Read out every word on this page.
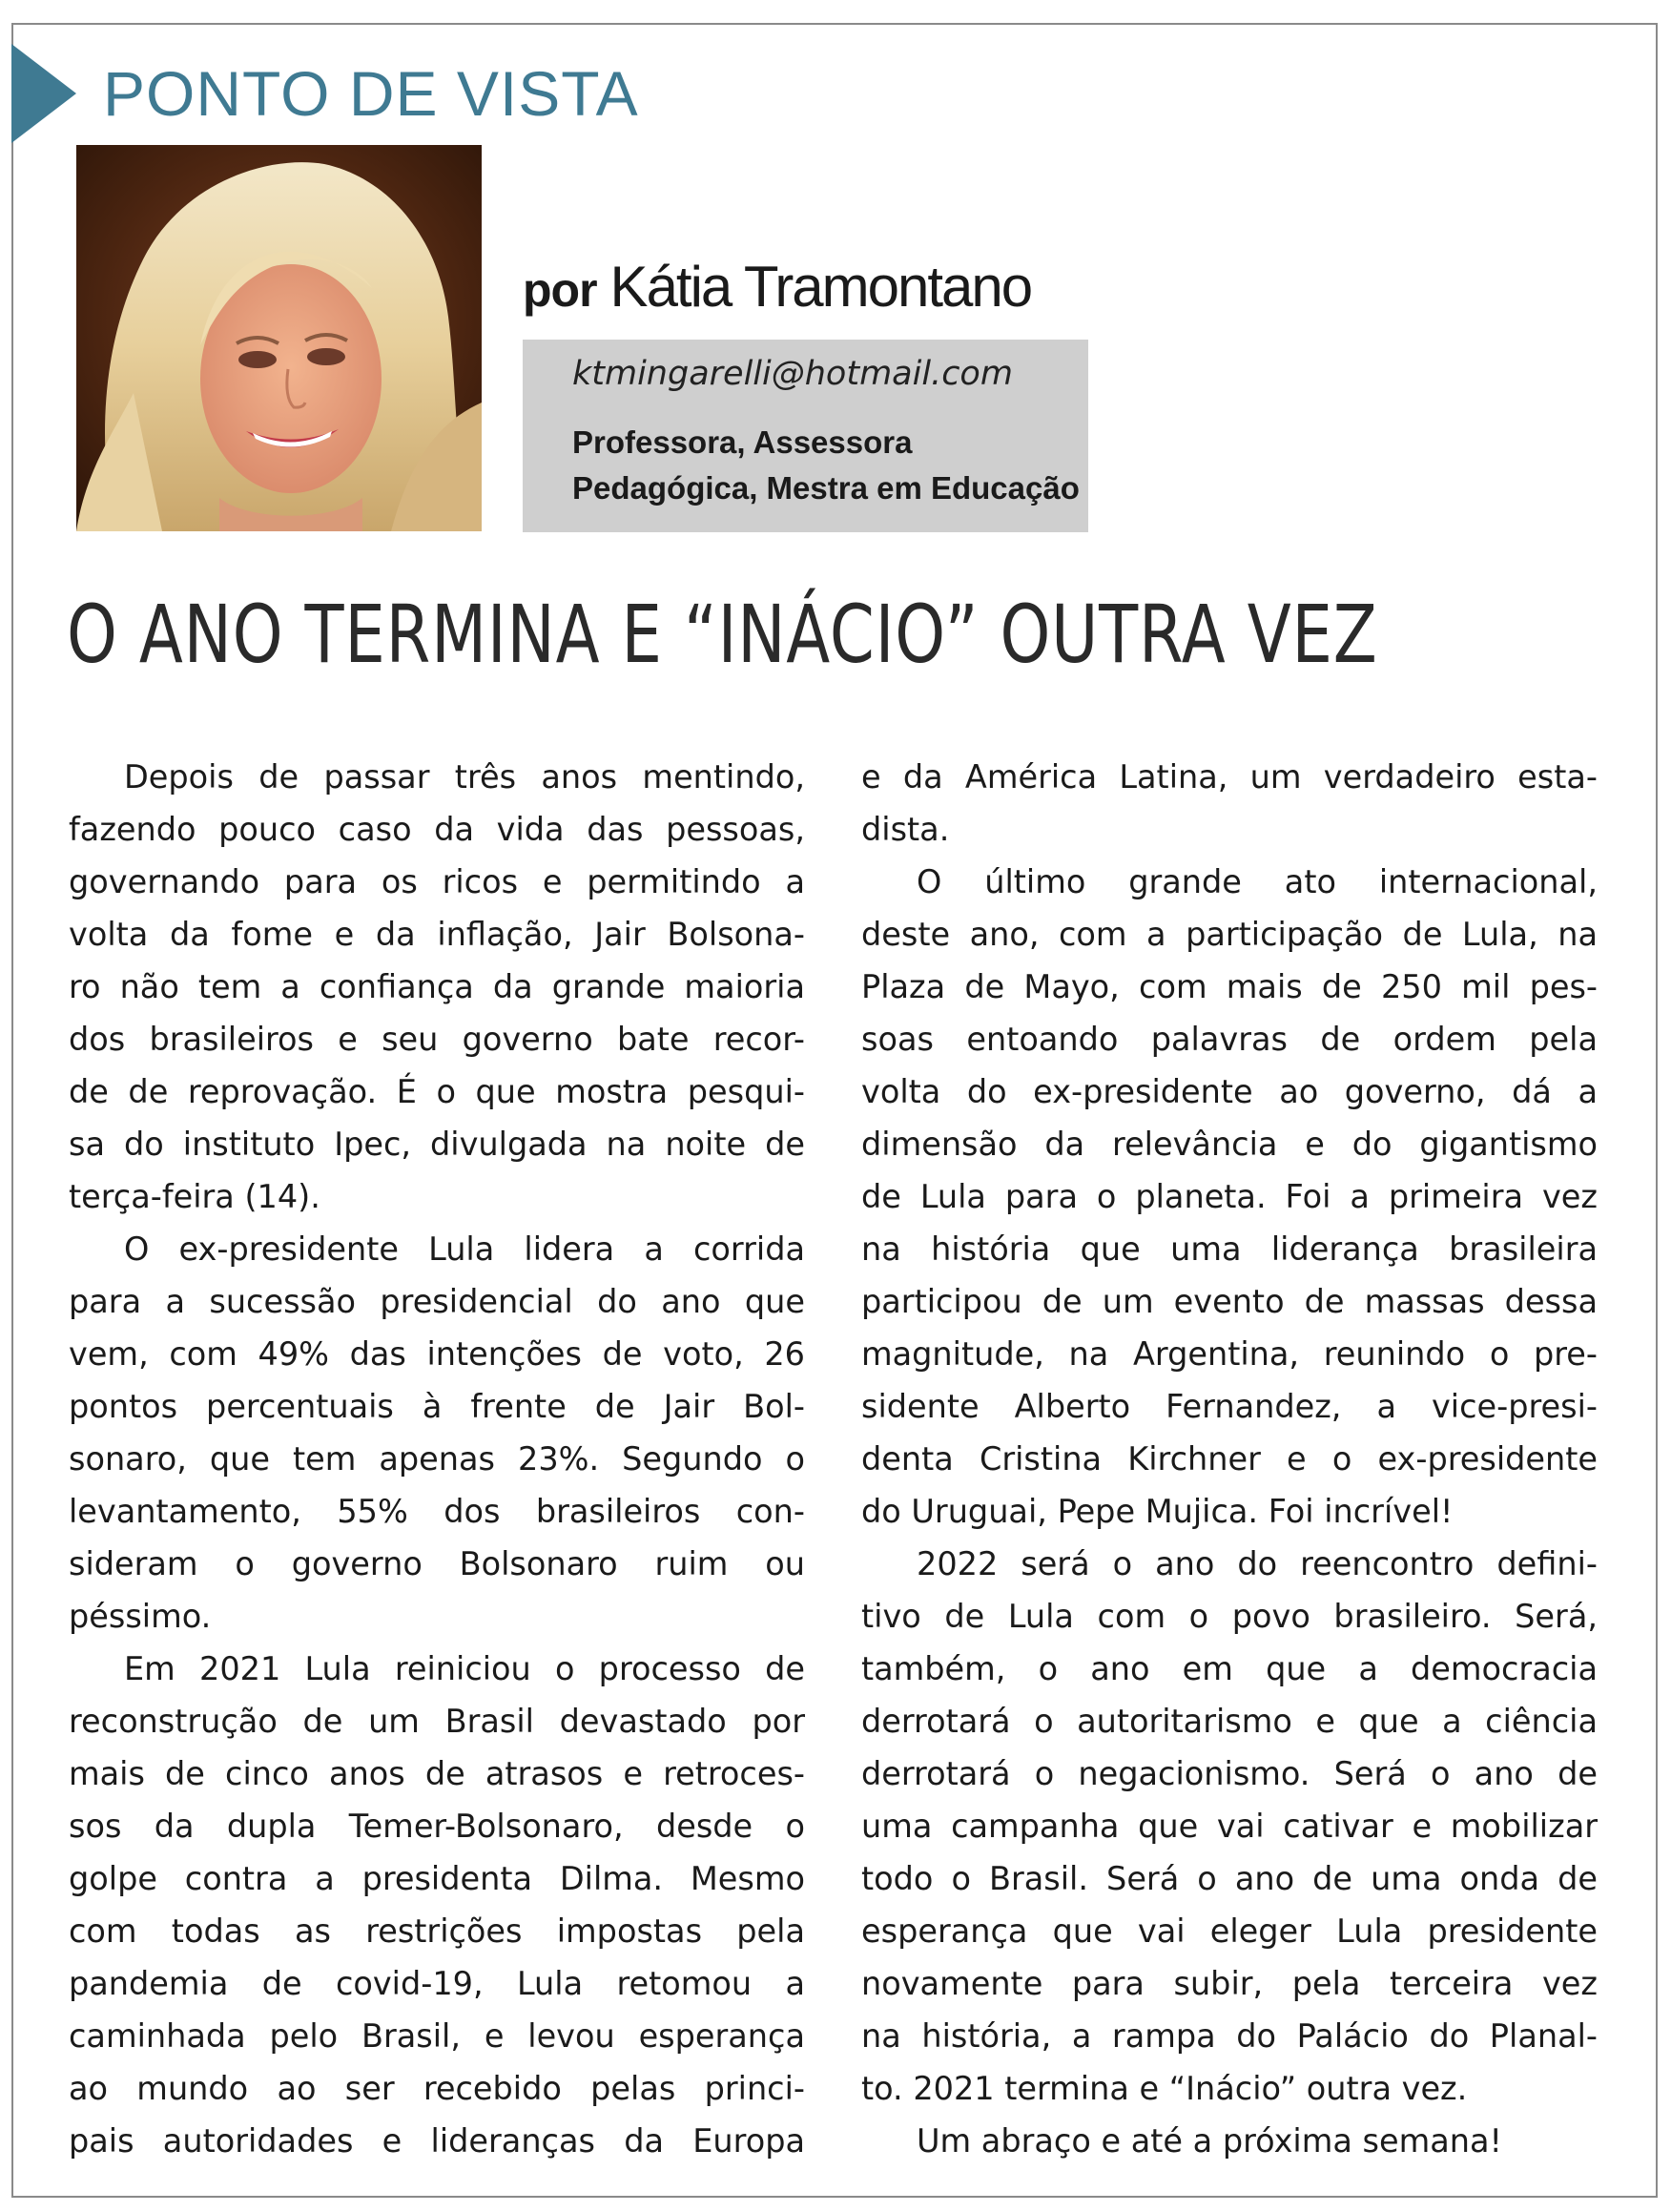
PONTO DE VISTA
por Kátia Tramontano
ktmingarelli@hotmail.com
Professora, Assessora
Pedagógica, Mestra em Educação
O ANO TERMINA E “INÁCIO” OUTRA VEZ
Depois de passar três anos mentindo,
fazendo pouco caso da vida das pessoas,
governando para os ricos e permitindo a
volta da fome e da inflação, Jair Bolsona-
ro não tem a confiança da grande maioria
dos brasileiros e seu governo bate recor-
de de reprovação. É o que mostra pesqui-
sa do instituto Ipec, divulgada na noite de
terça-feira (14).
O ex-presidente Lula lidera a corrida
para a sucessão presidencial do ano que
vem, com 49% das intenções de voto, 26
pontos percentuais à frente de Jair Bol-
sonaro, que tem apenas 23%. Segundo o
levantamento, 55% dos brasileiros con-
sideram o governo Bolsonaro ruim ou
péssimo.
Em 2021 Lula reiniciou o processo de
reconstrução de um Brasil devastado por
mais de cinco anos de atrasos e retroces-
sos da dupla Temer-Bolsonaro, desde o
golpe contra a presidenta Dilma. Mesmo
com todas as restrições impostas pela
pandemia de covid-19, Lula retomou a
caminhada pelo Brasil, e levou esperança
ao mundo ao ser recebido pelas princi-
pais autoridades e lideranças da Europa
e da América Latina, um verdadeiro esta-
dista.
O último grande ato internacional,
deste ano, com a participação de Lula, na
Plaza de Mayo, com mais de 250 mil pes-
soas entoando palavras de ordem pela
volta do ex-presidente ao governo, dá a
dimensão da relevância e do gigantismo
de Lula para o planeta. Foi a primeira vez
na história que uma liderança brasileira
participou de um evento de massas dessa
magnitude, na Argentina, reunindo o pre-
sidente Alberto Fernandez, a vice-presi-
denta Cristina Kirchner e o ex-presidente
do Uruguai, Pepe Mujica. Foi incrível!
2022 será o ano do reencontro defini-
tivo de Lula com o povo brasileiro. Será,
também, o ano em que a democracia
derrotará o autoritarismo e que a ciência
derrotará o negacionismo. Será o ano de
uma campanha que vai cativar e mobilizar
todo o Brasil. Será o ano de uma onda de
esperança que vai eleger Lula presidente
novamente para subir, pela terceira vez
na história, a rampa do Palácio do Planal-
to. 2021 termina e “Inácio” outra vez.
Um abraço e até a próxima semana!
